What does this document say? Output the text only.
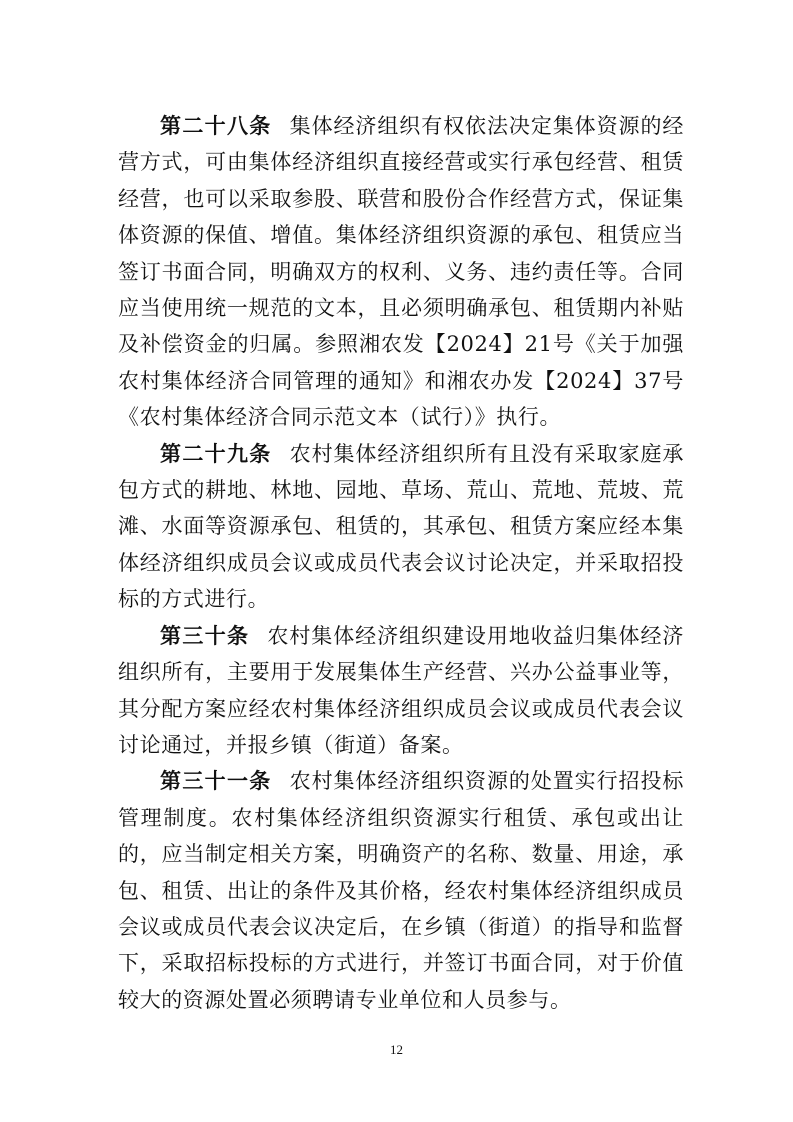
第二十八条 集体经济组织有权依法决定集体资源的经营方式，可由集体经济组织直接经营或实行承包经营、租赁经营，也可以采取参股、联营和股份合作经营方式，保证集体资源的保值、增值。集体经济组织资源的承包、租赁应当签订书面合同，明确双方的权利、义务、违约责任等。合同应当使用统一规范的文本，且必须明确承包、租赁期内补贴及补偿资金的归属。参照湘农发【2024】21号《关于加强农村集体经济合同管理的通知》和湘农办发【2024】37号《农村集体经济合同示范文本（试行）》执行。

第二十九条 农村集体经济组织所有且没有采取家庭承包方式的耕地、林地、园地、草场、荒山、荒地、荒坡、荒滩、水面等资源承包、租赁的，其承包、租赁方案应经本集体经济组织成员会议或成员代表会议讨论决定，并采取招投标的方式进行。

第三十条 农村集体经济组织建设用地收益归集体经济组织所有，主要用于发展集体生产经营、兴办公益事业等，其分配方案应经农村集体经济组织成员会议或成员代表会议讨论通过，并报乡镇（街道）备案。

第三十一条 农村集体经济组织资源的处置实行招投标管理制度。农村集体经济组织资源实行租赁、承包或出让的，应当制定相关方案，明确资产的名称、数量、用途，承包、租赁、出让的条件及其价格，经农村集体经济组织成员会议或成员代表会议决定后，在乡镇（街道）的指导和监督下，采取招标投标的方式进行，并签订书面合同，对于价值较大的资源处置必须聘请专业单位和人员参与。

12
